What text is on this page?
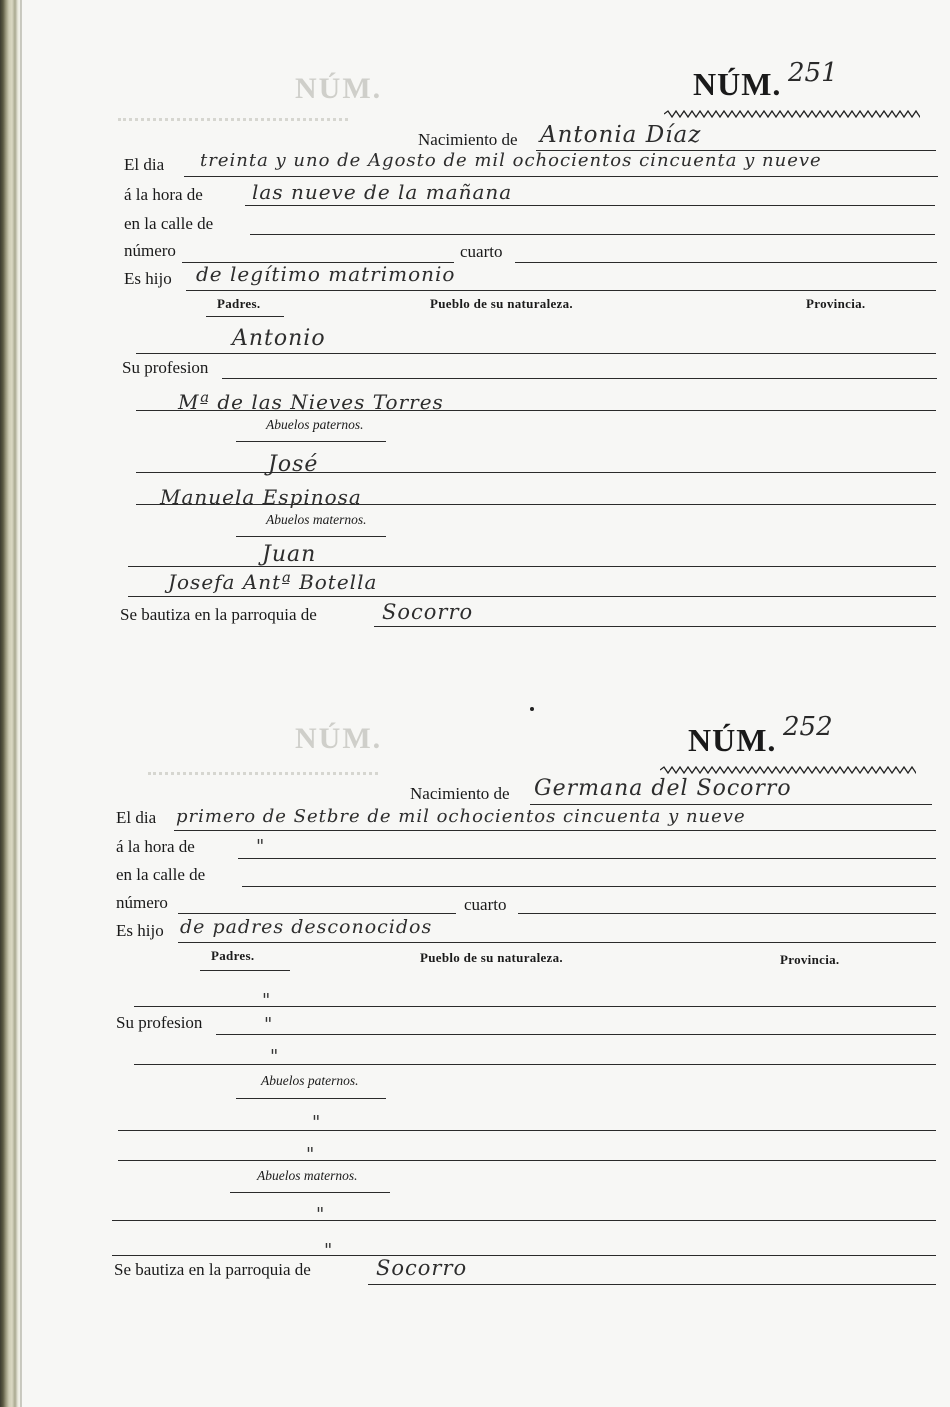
NÚM.
NÚM.
NÚM. 251
Nacimiento de Antonia Díaz
El dia treinta y uno de Agosto de mil ochocientos cincuenta y nueve
á la hora de las nueve de la mañana
en la calle de
número	cuarto
Es hijo de legítimo matrimonio
Padres.	Pueblo de su naturaleza.	Provincia.
Antonio
Su profesion
Mª de las Nieves Torres
Abuelos paternos.
José
Manuela Espinosa
Abuelos maternos.
Juan
Josefa Antª Botella
Se bautiza en la parroquia de	Socorro
NÚM. 252
Nacimiento de Germana del Socorro
El dia primero de Setbre de mil ochocientos cincuenta y nueve
á la hora de	"
en la calle de
número	cuarto
Es hijo de padres desconocidos
Padres.	Pueblo de su naturaleza.	Provincia.
"
Su profesion	"
"
Abuelos paternos.
"
"
Abuelos maternos.
"
"
Se bautiza en la parroquia de	Socorro
